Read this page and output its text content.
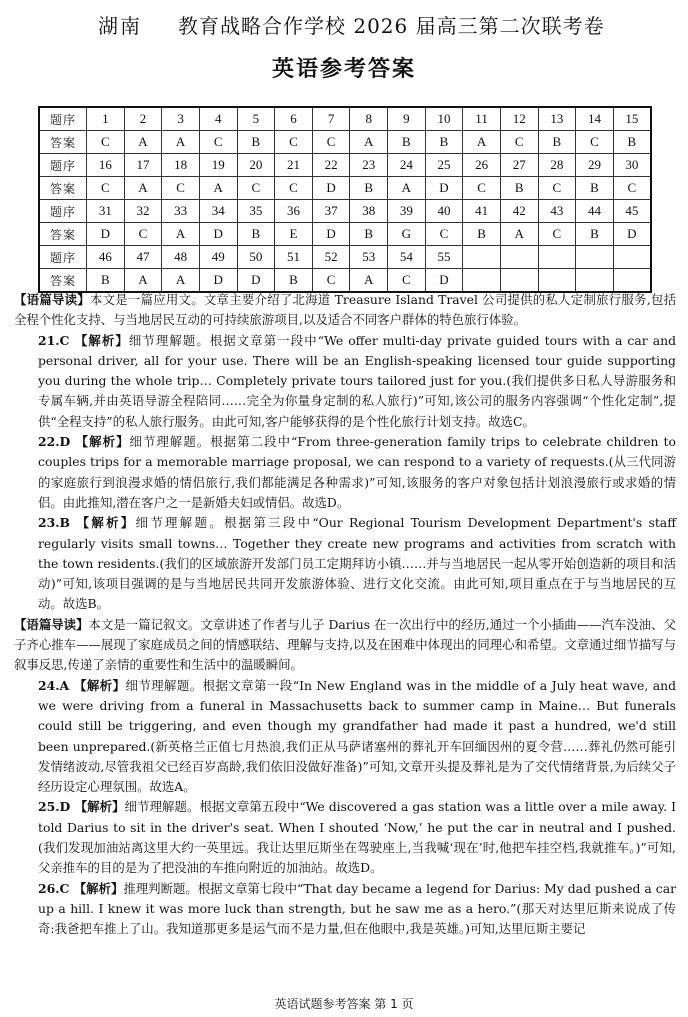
湖南 教育战略合作学校 2026 届高三第二次联考卷
英语参考答案
题序	1	2	3	4	5	6	7	8	9	10	11	12	13	14	15
答案	C	A	A	C	B	C	C	A	B	B	A	C	B	C	B
题序	16	17	18	19	20	21	22	23	24	25	26	27	28	29	30
答案	C	A	C	A	C	C	D	B	A	D	C	B	C	B	C
题序	31	32	33	34	35	36	37	38	39	40	41	42	43	44	45
答案	D	C	A	D	B	E	D	B	G	C	B	A	C	B	D
题序	46	47	48	49	50	51	52	53	54	55					
答案	B	A	A	D	D	B	C	A	C	D					

【语篇导读】本文是一篇应用文。文章主要介绍了北海道 Treasure Island Travel 公司提供的私人定制旅行服务,包括全程个性化支持、与当地居民互动的可持续旅游项目,以及适合不同客户群体的特色旅行体验。

21.C 【解析】细节理解题。根据文章第一段中“We offer multi-day private guided tours with a car and personal driver, all for your use. There will be an English-speaking licensed tour guide supporting you during the whole trip… Completely private tours tailored just for you.(我们提供多日私人导游服务和专属车辆,并由英语导游全程陪同……完全为你量身定制的私人旅行)”可知,该公司的服务内容强调“个性化定制”,提供“全程支持”的私人旅行服务。由此可知,客户能够获得的是个性化旅行计划支持。故选C。

22.D 【解析】细节理解题。根据第二段中“From three-generation family trips to celebrate children to couples trips for a memorable marriage proposal, we can respond to a variety of requests.(从三代同游的家庭旅行到浪漫求婚的情侣旅行,我们都能满足各种需求)”可知,该服务的客户对象包括计划浪漫旅行或求婚的情侣。由此推知,潜在客户之一是新婚夫妇或情侣。故选D。

23.B 【解析】细节理解题。根据第三段中“Our Regional Tourism Development Department's staff regularly visits small towns… Together they create new programs and activities from scratch with the town residents.(我们的区域旅游开发部门员工定期拜访小镇……并与当地居民一起从零开始创造新的项目和活动)”可知,该项目强调的是与当地居民共同开发旅游体验、进行文化交流。由此可知,项目重点在于与当地居民的互动。故选B。

【语篇导读】本文是一篇记叙文。文章讲述了作者与儿子 Darius 在一次出行中的经历,通过一个小插曲——汽车没油、父子齐心推车——展现了家庭成员之间的情感联结、理解与支持,以及在困难中体现出的同理心和希望。文章通过细节描写与叙事反思,传递了亲情的重要性和生活中的温暖瞬间。

24.A 【解析】细节理解题。根据文章第一段“In New England was in the middle of a July heat wave, and we were driving from a funeral in Massachusetts back to summer camp in Maine… But funerals could still be triggering, and even though my grandfather had made it past a hundred, we'd still been unprepared.(新英格兰正值七月热浪,我们正从马萨诸塞州的葬礼开车回缅因州的夏令营……葬礼仍然可能引发情绪波动,尽管我祖父已经百岁高龄,我们依旧没做好准备)”可知,文章开头提及葬礼是为了交代情绪背景,为后续父子经历设定心理氛围。故选A。

25.D 【解析】细节理解题。根据文章第五段中“We discovered a gas station was a little over a mile away. I told Darius to sit in the driver's seat. When I shouted ‘Now,’ he put the car in neutral and I pushed.(我们发现加油站离这里大约一英里远。我让达里厄斯坐在驾驶座上,当我喊‘现在’时,他把车挂空档,我就推车。)”可知,父亲推车的目的是为了把没油的车推向附近的加油站。故选D。

26.C 【解析】推理判断题。根据文章第七段中“That day became a legend for Darius: My dad pushed a car up a hill. I knew it was more luck than strength, but he saw me as a hero.”(那天对达里厄斯来说成了传奇:我爸把车推上了山。我知道那更多是运气而不是力量,但在他眼中,我是英雄。)可知,达里厄斯主要记

英语试题参考答案 第 1 页
